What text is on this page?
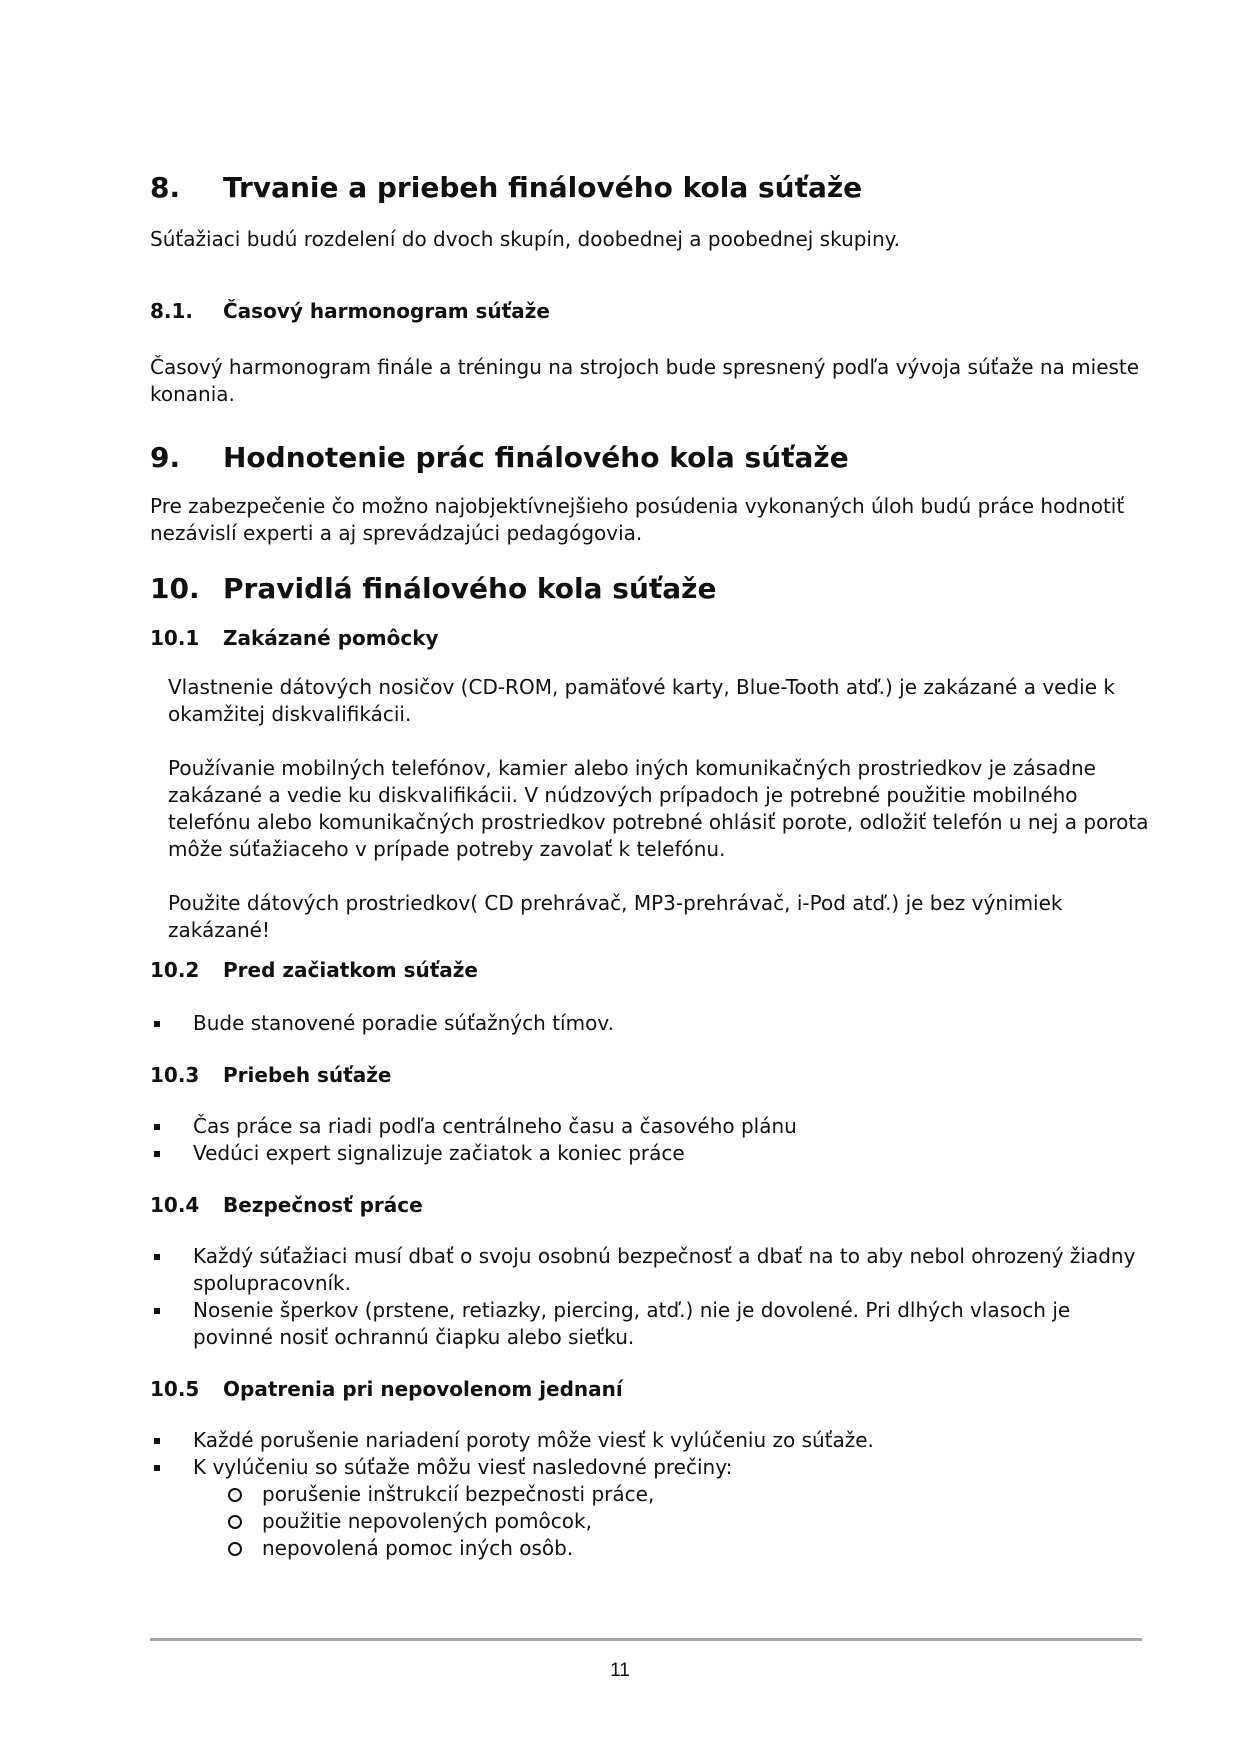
8.	Trvanie a priebeh finálového kola súťaže

Súťažiaci budú rozdelení do dvoch skupín, doobednej a poobednej skupiny.

8.1.	Časový harmonogram súťaže

Časový harmonogram finále a tréningu na strojoch bude spresnený podľa vývoja súťaže na mieste konania.

9.	Hodnotenie prác finálového kola súťaže

Pre zabezpečenie čo možno najobjektívnejšieho posúdenia vykonaných úloh budú práce hodnotiť nezávislí experti a aj sprevádzajúci pedagógovia.

10. Pravidlá finálového kola súťaže
10.1	Zakázané pomôcky

Vlastnenie dátových nosičov (CD-ROM, pamäťové karty, Blue-Tooth atď.) je zakázané a vedie k okamžitej diskvalifikácii.

Používanie mobilných telefónov, kamier alebo iných komunikačných prostriedkov je zásadne zakázané a vedie ku diskvalifikácii. V núdzových prípadoch je potrebné použitie mobilného telefónu alebo komunikačných prostriedkov potrebné ohlásiť porote, odložiť telefón u nej a porota môže súťažiaceho v prípade potreby zavolať k telefónu.

Použite dátových prostriedkov( CD prehrávač, MP3-prehrávač, i-Pod atď.) je bez výnimiek zakázané!

10.2	Pred začiatkom súťaže
Bude stanovené poradie súťažných tímov.
10.3	Priebeh súťaže
Čas práce sa riadi podľa centrálneho času a časového plánu
Vedúci expert signalizuje začiatok a koniec práce
10.4	Bezpečnosť práce
Každý súťažiaci musí dbať o svoju osobnú bezpečnosť a dbať na to aby nebol ohrozený žiadny spolupracovník.
Nosenie šperkov (prstene, retiazky, piercing, atď.) nie je dovolené. Pri dlhých vlasoch je povinné nosiť ochrannú čiapku alebo sieťku.
10.5	Opatrenia pri nepovolenom jednaní
Každé porušenie nariadení poroty môže viesť k vylúčeniu zo súťaže.
K vylúčeniu so súťaže môžu viesť nasledovné prečiny:
porušenie inštrukcií bezpečnosti práce,
použitie nepovolených pomôcok,
nepovolená pomoc iných osôb.
11
